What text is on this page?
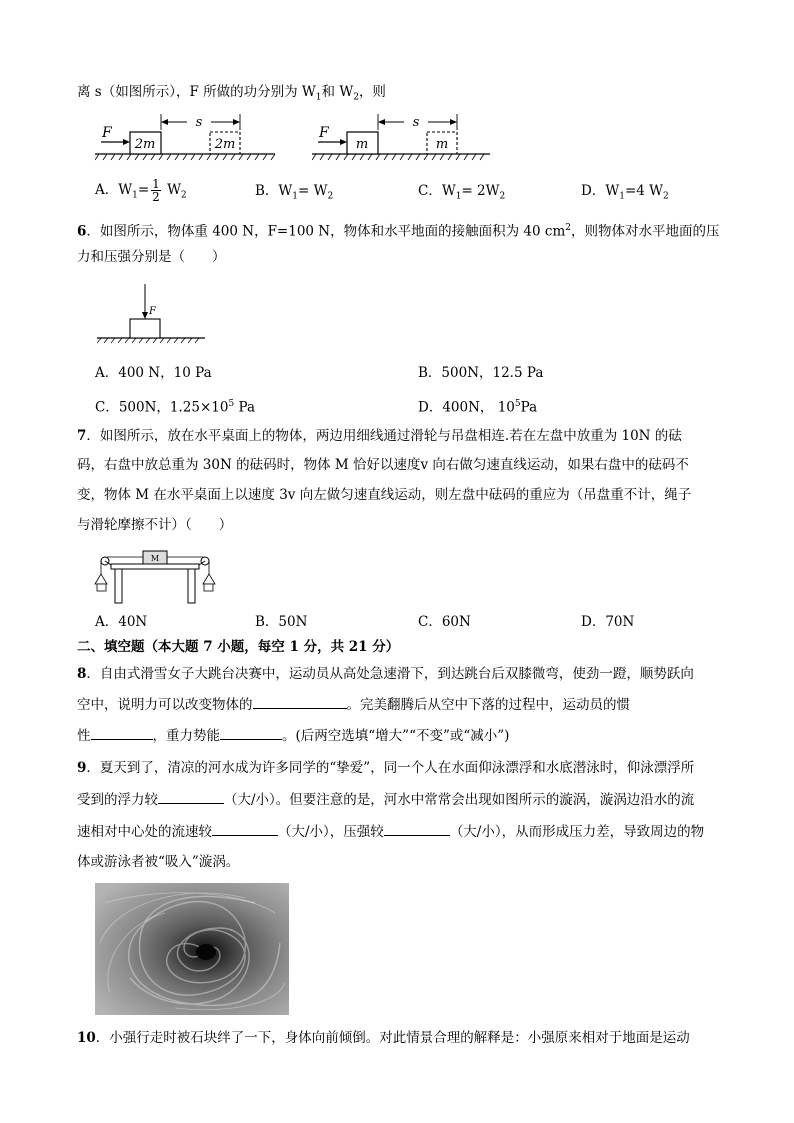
离 s（如图所示），F 所做的功分别为 $W_1$和 $W_2$，则
F
2m	2m
s
F
m	m
s
A．$W_1= \frac{1}{2} W_2$	B．$W_1= W_2$	C．$W_1= 2W_2$	D．$W_1=4$ $W_2$
6．如图所示，物体重 400 N，F=100 N，物体和水平地面的接触面积为 40 $cm^2$，则物体对水平地面的压
力和压强分别是（　　）
F
A．400 N，10 Pa	B．500N，12.5 Pa
C．500N，$1.25\times 10^5$ Pa	D．400N， $10^5Pa$
7．如图所示，放在水平桌面上的物体，两边用细线通过滑轮与吊盘相连.若在左盘中放重为 10N 的砝
码，右盘中放总重为 30N 的砝码时，物体 M 恰好以速度v 向右做匀速直线运动，如果右盘中的砝码不
变，物体 M 在水平桌面上以速度 3v 向左做匀速直线运动，则左盘中砝码的重应为（吊盘重不计，绳子
与滑轮摩擦不计）（　　）
M
A．40N	B．50N	C．60N	D．70N
二、填空题（本大题 7 小题，每空 1 分，共 21 分）
8．自由式滑雪女子大跳台决赛中，运动员从高处急速滑下，到达跳台后双膝微弯，使劲一蹬，顺势跃向
空中，说明力可以改变物体的	。完美翻腾后从空中下落的过程中，运动员的惯
性	，重力势能	。(后两空选填“增大”“不变”或“减小”)
9．夏天到了，清凉的河水成为许多同学的“挚爱”，同一个人在水面仰泳漂浮和水底潜泳时，仰泳漂浮所
受到的浮力较	（大/小）。但要注意的是，河水中常常会出现如图所示的漩涡，漩涡边沿水的流
速相对中心处的流速较	（大/小），压强较	（大/小），从而形成压力差，导致周边的物
体或游泳者被“吸入”漩涡。
10．小强行走时被石块绊了一下，身体向前倾倒。对此情景合理的解释是：小强原来相对于地面是运动
